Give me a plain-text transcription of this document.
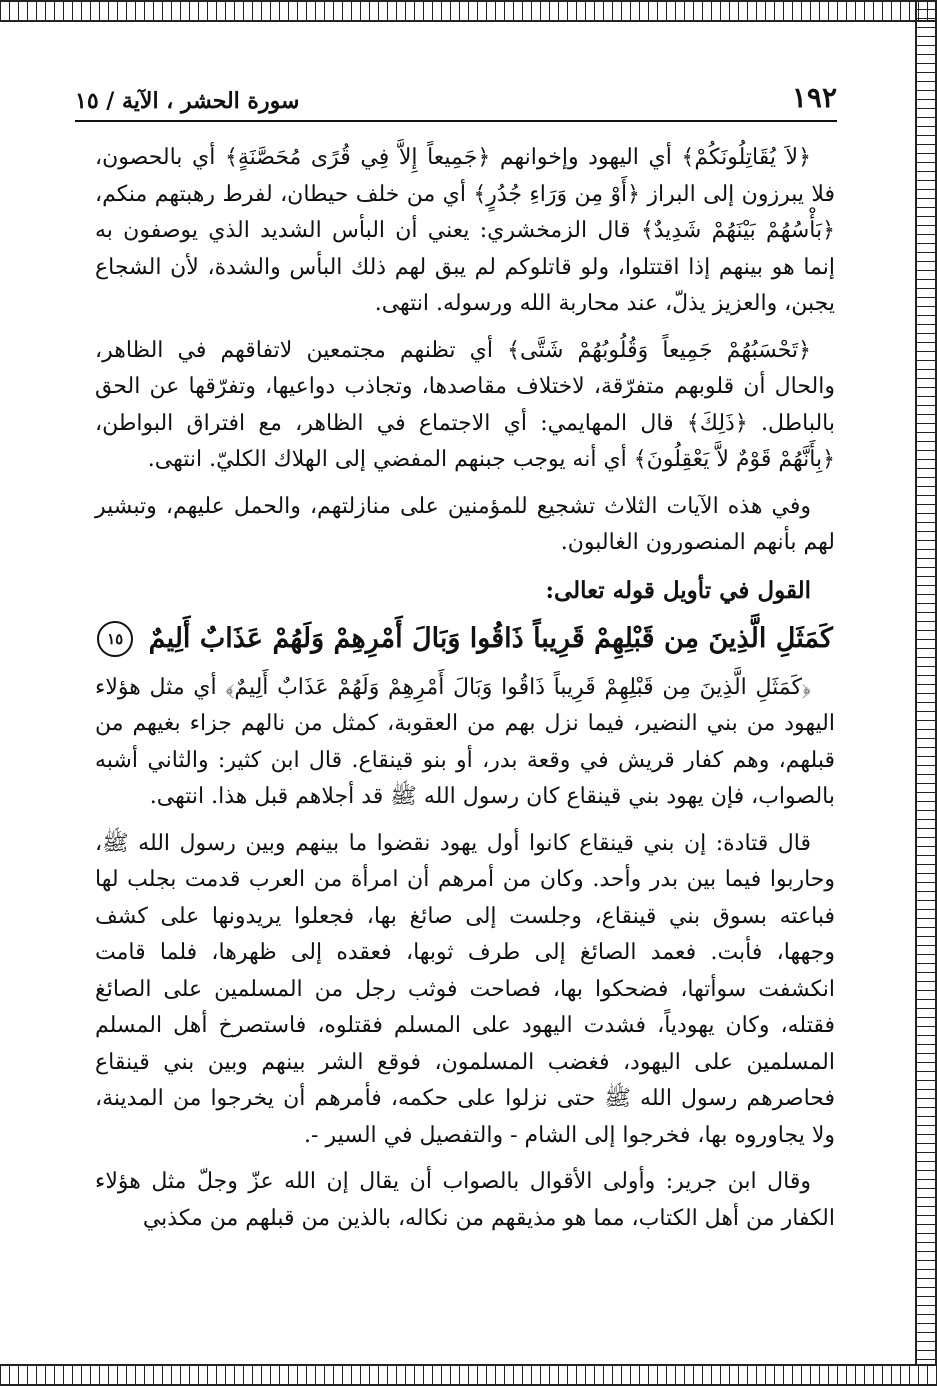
١٩٢
سورة الحشر ، الآية / ١٥

﴿لاَ يُقَاتِلُونَكُمْ﴾ أي اليهود وإخوانهم ﴿جَمِيعاً إِلاَّ فِي قُرًى مُحَصَّنَةٍ﴾ أي بالحصون، فلا يبرزون إلى البراز ﴿أَوْ مِن وَرَاءِ جُدُرٍ﴾ أي من خلف حيطان، لفرط رهبتهم منكم، ﴿بَأْسُهُمْ بَيْنَهُمْ شَدِيدٌ﴾ قال الزمخشري: يعني أن البأس الشديد الذي يوصفون به إنما هو بينهم إذا اقتتلوا، ولو قاتلوكم لم يبق لهم ذلك البأس والشدة، لأن الشجاع يجبن، والعزيز يذلّ، عند محاربة الله ورسوله. انتهى.

﴿تَحْسَبُهُمْ جَمِيعاً وَقُلُوبُهُمْ شَتَّى﴾ أي تظنهم مجتمعين لاتفاقهم في الظاهر، والحال أن قلوبهم متفرّقة، لاختلاف مقاصدها، وتجاذب دواعيها، وتفرّقها عن الحق بالباطل. ﴿ذَلِكَ﴾ قال المهايمي: أي الاجتماع في الظاهر، مع افتراق البواطن، ﴿بِأَنَّهُمْ قَوْمٌ لاَّ يَعْقِلُونَ﴾ أي أنه يوجب جبنهم المفضي إلى الهلاك الكليّ. انتهى.

وفي هذه الآيات الثلاث تشجيع للمؤمنين على منازلتهم، والحمل عليهم، وتبشير لهم بأنهم المنصورون الغالبون.

القول في تأويل قوله تعالى:

كَمَثَلِ الَّذِينَ مِن قَبْلِهِمْ قَرِيباً ذَاقُوا وَبَالَ أَمْرِهِمْ وَلَهُمْ عَذَابٌ أَلِيمٌ ١٥

﴿كَمَثَلِ الَّذِينَ مِن قَبْلِهِمْ قَرِيباً ذَاقُوا وَبَالَ أَمْرِهِمْ وَلَهُمْ عَذَابٌ أَلِيمٌ﴾ أي مثل هؤلاء اليهود من بني النضير، فيما نزل بهم من العقوبة، كمثل من نالهم جزاء بغيهم من قبلهم، وهم كفار قريش في وقعة بدر، أو بنو قينقاع. قال ابن كثير: والثاني أشبه بالصواب، فإن يهود بني قينقاع كان رسول الله ﷺ قد أجلاهم قبل هذا. انتهى.

قال قتادة: إن بني قينقاع كانوا أول يهود نقضوا ما بينهم وبين رسول الله ﷺ، وحاربوا فيما بين بدر وأحد. وكان من أمرهم أن امرأة من العرب قدمت بجلب لها فباعته بسوق بني قينقاع، وجلست إلى صائغ بها، فجعلوا يريدونها على كشف وجهها، فأبت. فعمد الصائغ إلى طرف ثوبها، فعقده إلى ظهرها، فلما قامت انكشفت سوأتها، فضحكوا بها، فصاحت فوثب رجل من المسلمين على الصائغ فقتله، وكان يهودياً، فشدت اليهود على المسلم فقتلوه، فاستصرخ أهل المسلم المسلمين على اليهود، فغضب المسلمون، فوقع الشر بينهم وبين بني قينقاع فحاصرهم رسول الله ﷺ حتى نزلوا على حكمه، فأمرهم أن يخرجوا من المدينة، ولا يجاوروه بها، فخرجوا إلى الشام - والتفصيل في السير -.

وقال ابن جرير: وأولى الأقوال بالصواب أن يقال إن الله عزّ وجلّ مثل هؤلاء الكفار من أهل الكتاب، مما هو مذيقهم من نكاله، بالذين من قبلهم من مكذبي
